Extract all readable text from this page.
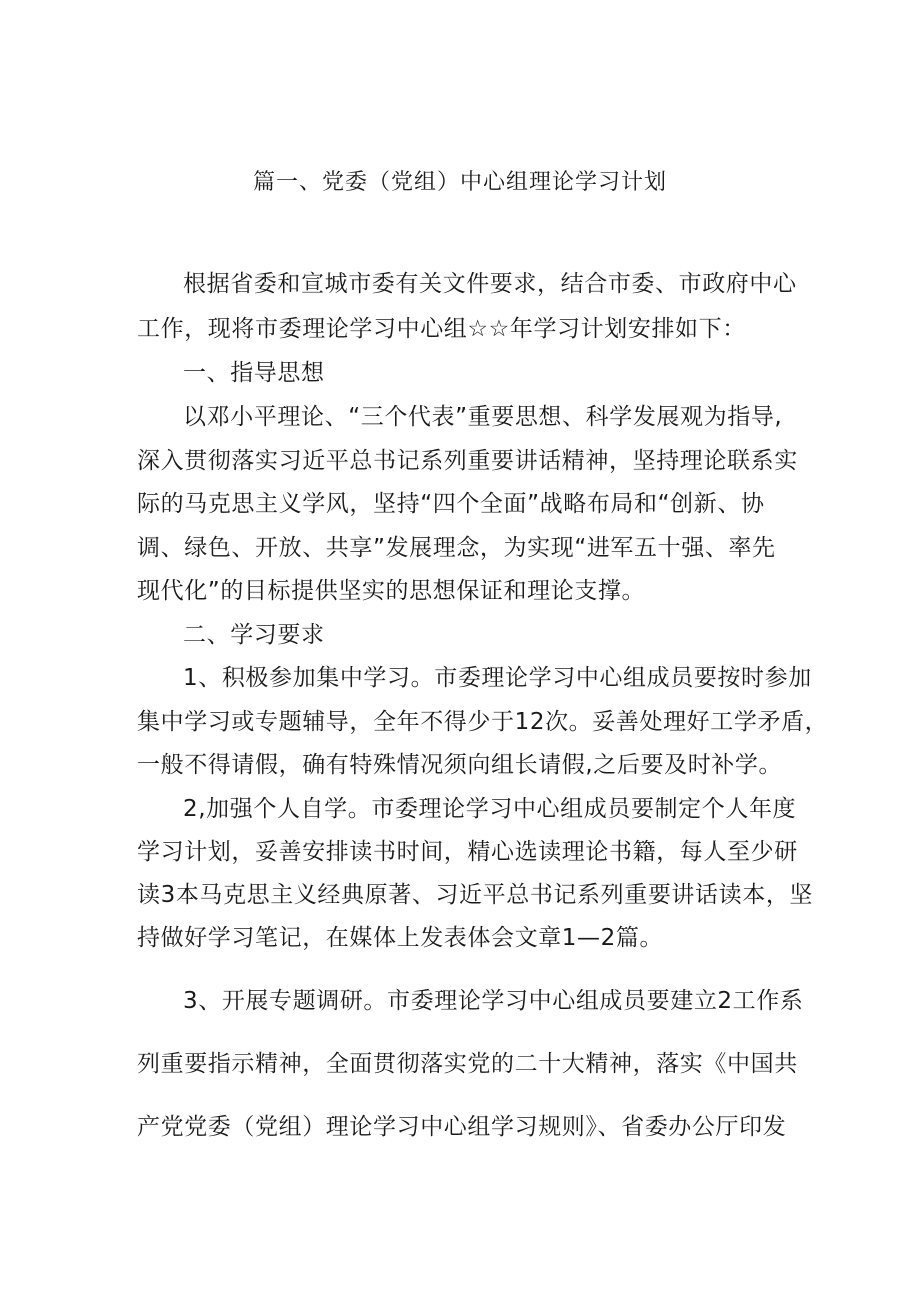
篇一、党委（党组）中心组理论学习计划
根据省委和宣城市委有关文件要求，结合市委、市政府中心
工作，现将市委理论学习中心组☆☆年学习计划安排如下：
一、指导思想
以邓小平理论、“三个代表”重要思想、科学发展观为指导,
深入贯彻落实习近平总书记系列重要讲话精神，坚持理论联系实
际的马克思主义学风，坚持“四个全面”战略布局和“创新、协
调、绿色、开放、共享”发展理念，为实现“进军五十强、率先
现代化”的目标提供坚实的思想保证和理论支撑。
二、学习要求
1、积极参加集中学习。市委理论学习中心组成员要按时参加
集中学习或专题辅导，全年不得少于12次。妥善处理好工学矛盾，
一般不得请假，确有特殊情况须向组长请假,之后要及时补学。
2,加强个人自学。市委理论学习中心组成员要制定个人年度
学习计划，妥善安排读书时间，精心选读理论书籍，每人至少研
读3本马克思主义经典原著、习近平总书记系列重要讲话读本，坚
持做好学习笔记，在媒体上发表体会文章1—2篇。
3、开展专题调研。市委理论学习中心组成员要建立2工作系
列重要指示精神，全面贯彻落实党的二十大精神，落实《中国共
产党党委（党组）理论学习中心组学习规则》、省委办公厅印发
